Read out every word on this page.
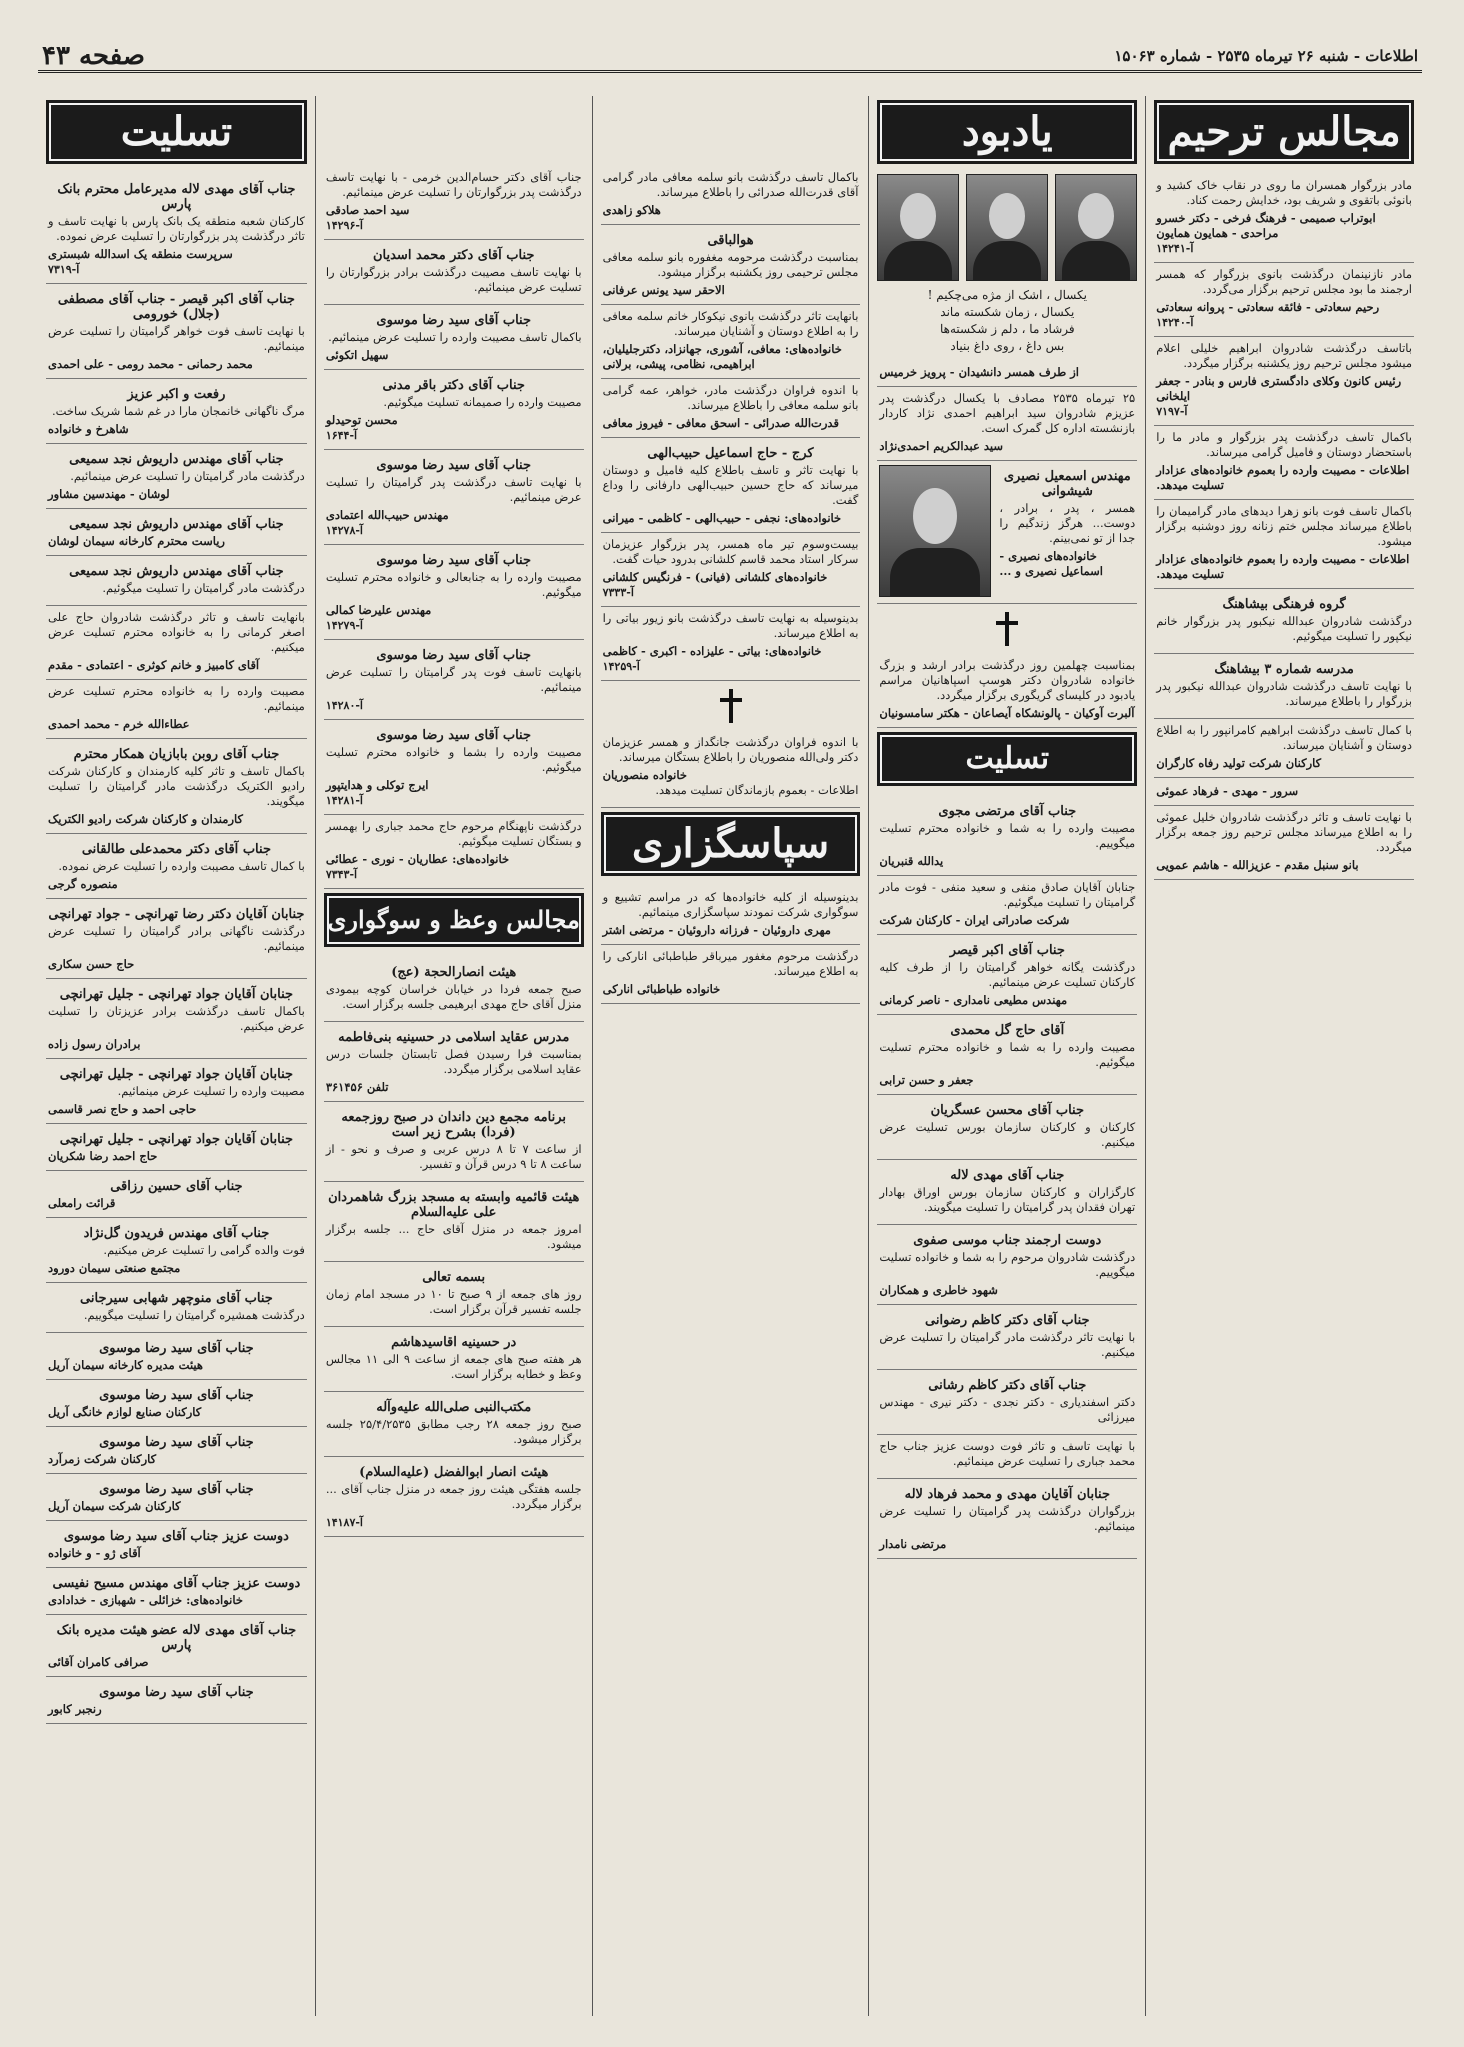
اطلاعات - شنبه ۲۶ تیرماه ۲۵۳۵ - شماره ۱۵۰۶۳
صفحه ۴۳
مجالس ترحیم

مادر بزرگوار همسران ما روی در نقاب خاک کشید و بانوئی باتقوی و شریف بود، خدایش رحمت کناد.

ابوتراب صمیمی - فرهنگ فرخی - دکتر خسرو مراحدی - همایون همایون
آ-۱۴۲۴۱

مادر نازنینمان درگذشت بانوی بزرگوار که همسر ارجمند ما بود مجلس ترحیم برگزار می‌گردد.

رحیم سعادتی - فائقه سعادتی - پروانه سعادتی
آ-۱۴۲۴۰

باتاسف درگذشت شادروان ابراهیم خلیلی اعلام میشود مجلس ترحیم روز یکشنبه برگزار میگردد.

رئیس کانون وکلای دادگستری فارس و بنادر - جعفر ایلخانی
آ-۷۱۹۷

باکمال تاسف درگذشت پدر بزرگوار و مادر ما را باستحضار دوستان و فامیل گرامی میرساند.

اطلاعات - مصیبت وارده را بعموم خانواده‌های عزادار تسلیت میدهد.

باکمال تاسف فوت بانو زهرا دیدهای مادر گرامیمان را باطلاع میرساند مجلس ختم زنانه روز دوشنبه برگزار میشود.

اطلاعات - مصیبت وارده را بعموم خانواده‌های عزادار تسلیت میدهد.
گروه فرهنگی بیشاهنگ

درگذشت شادروان عبدالله نیکبور پدر بزرگوار خانم نیکپور را تسلیت میگوئیم.

مدرسه شماره ۳ بیشاهنگ

با نهایت تاسف درگذشت شادروان عبدالله نیکبور پدر بزرگوار را باطلاع میرساند.

با کمال تاسف درگذشت ابراهیم کامرانپور را به اطلاع دوستان و آشنایان میرساند.

کارکنان شرکت تولید رفاه کارگران
سرور - مهدی - فرهاد عموئی

با نهایت تاسف و تاثر درگذشت شادروان خلیل عموئی را به اطلاع میرساند مجلس ترحیم روز جمعه برگزار میگردد.

بانو سنبل مقدم - عزیزالله - هاشم عمویی
یادبود
یکسال ، اشک از مژه می‌چکیم !
یکسال ، زمان شکسته ماند
فرشاد ما ، دلم ز شکسته‌ها
بس داغ ، روی داغ بنیاد
از طرف همسر دانشیدان - پرویز خرمیس

۲۵ تیرماه ۲۵۳۵ مصادف با یکسال درگذشت پدر عزیزم شادروان سید ابراهیم احمدی نژاد کاردار بازنشسته اداره کل گمرک است.

سید عبدالکریم احمدی‌نژاد
مهندس اسمعیل نصیری شیشوانی

همسر ، پدر ، برادر ، دوست... هرگز زندگیم را جدا از تو نمی‌بینم.

خانواده‌های نصیری - اسماعیل نصیری و ...

بمناسبت چهلمین روز درگذشت برادر ارشد و بزرگ خانواده شادروان دکتر هوسپ اسپاهانیان مراسم یادبود در کلیسای گریگوری برگزار میگردد.

آلبرت آوکیان - پالونشکاه آیصاعان - هکتر سامسونیان
تسلیت
جناب آقای مرتضی مجوی

مصیبت وارده را به شما و خانواده محترم تسلیت میگوییم.

یدالله قنبریان

جنابان آقایان صادق منفی و سعید منفی - فوت مادر گرامیتان را تسلیت میگوئیم.

شرکت صادراتی ایران - کارکنان شرکت
جناب آقای اکبر قیصر

درگذشت یگانه خواهر گرامیتان را از طرف کلیه کارکنان تسلیت عرض مینمائیم.

مهندس مطیعی نامداری - ناصر کرمانی
آقای حاج گل محمدی

مصیبت وارده را به شما و خانواده محترم تسلیت میگوئیم.

جعفر و حسن ترابی
جناب آقای محسن عسگریان

کارکنان و کارکنان سازمان بورس تسلیت عرض میکنیم.

جناب آقای مهدی لاله

کارگزاران و کارکنان سازمان بورس اوراق بهادار تهران فقدان پدر گرامیتان را تسلیت میگویند.

دوست ارجمند جناب موسی صفوی

درگذشت شادروان مرحوم را به شما و خانواده تسلیت میگوییم.

شهود خاطری و همکاران
جناب آقای دکتر کاظم رضوانی

با نهایت تاثر درگذشت مادر گرامیتان را تسلیت عرض میکنیم.

جناب آقای دکتر کاظم رشانی

دکتر اسفندیاری - دکتر نجدی - دکتر نیری - مهندس میرزائی

با نهایت تاسف و تاثر فوت دوست عزیز جناب حاج محمد جباری را تسلیت عرض مینمائیم.

جنابان آقایان مهدی و محمد فرهاد لاله

بزرگواران درگذشت پدر گرامیتان را تسلیت عرض مینمائیم.

مرتضی نامدار

باکمال تاسف درگذشت بانو سلمه معافی مادر گرامی آقای قدرت‌الله صدرائی را باطلاع میرساند.

هلاکو زاهدی
هوالباقی

بمناسبت درگذشت مرحومه مغفوره بانو سلمه معافی مجلس ترحیمی روز یکشنبه برگزار میشود.

الاحقر سید یونس عرفانی

بانهایت تاثر درگذشت بانوی نیکوکار خانم سلمه معافی را به اطلاع دوستان و آشنایان میرساند.

خانواده‌های: معافی، آشوری، جهانزاد، دکترجلیلیان، ابراهیمی، نظامی، پیشی، برلانی

با اندوه فراوان درگذشت مادر، خواهر، عمه گرامی بانو سلمه معافی را باطلاع میرساند.

قدرت‌الله صدرائی - اسحق معافی - فیروز معافی
کرج - حاج اسماعیل حبیب‌الهی

با نهایت تاثر و تاسف باطلاع کلیه فامیل و دوستان میرساند که حاج حسین حبیب‌الهی دارفانی را وداع گفت.

خانواده‌های: نجفی - حبیب‌الهی - کاظمی - میرانی

بیست‌وسوم تیر ماه همسر، پدر بزرگوار عزیزمان سرکار استاد محمد قاسم کلشانی بدرود حیات گفت.

خانواده‌های کلشانی (فیانی) - فرنگیس کلشانی
آ-۷۳۳۳

بدینوسیله به نهایت تاسف درگذشت بانو زیور بیاتی را به اطلاع میرساند.

خانواده‌های: بیاتی - علیزاده - اکبری - کاظمی
آ-۱۴۲۵۹

با اندوه فراوان درگذشت جانگداز و همسر عزیزمان دکتر ولی‌الله منصوریان را باطلاع بستگان میرساند.

خانواده منصوریان

اطلاعات - بعموم بازماندگان تسلیت میدهد.

سپاسگزاری

بدینوسیله از کلیه خانواده‌ها که در مراسم تشییع و سوگواری شرکت نمودند سپاسگزاری مینمائیم.

مهری داروئیان - فرزانه داروئیان - مرتضی اشتر

درگذشت مرحوم مغفور میرباقر طباطبائی انارکی را به اطلاع میرساند.

خانواده طباطبائی انارکی

جناب آقای دکتر حسام‌الدین خرمی - با نهایت تاسف درگذشت پدر بزرگوارتان را تسلیت عرض مینمائیم.

سید احمد صادقی
آ-۱۴۲۹۶
جناب آقای دکتر محمد اسدیان

با نهایت تاسف مصیبت درگذشت برادر بزرگوارتان را تسلیت عرض مینمائیم.

جناب آقای سید رضا موسوی

باکمال تاسف مصیبت وارده را تسلیت عرض مینمائیم.

سهیل اتکوئی
جناب آقای دکتر باقر مدنی

مصیبت وارده را صمیمانه تسلیت میگوئیم.

محسن توحیدلو
آ-۱۶۴۴
جناب آقای سید رضا موسوی

با نهایت تاسف درگذشت پدر گرامیتان را تسلیت عرض مینمائیم.

مهندس حبیب‌الله اعتمادی
آ-۱۴۲۷۸
جناب آقای سید رضا موسوی

مصیبت وارده را به جنابعالی و خانواده محترم تسلیت میگوئیم.

مهندس علیرضا کمالی
آ-۱۴۲۷۹
جناب آقای سید رضا موسوی

بانهایت تاسف فوت پدر گرامیتان را تسلیت عرض مینمائیم.

آ-۱۴۲۸۰
جناب آقای سید رضا موسوی

مصیبت وارده را بشما و خانواده محترم تسلیت میگوئیم.

ایرج توکلی و هدایتپور
آ-۱۴۲۸۱

درگذشت ناپهنگام مرحوم حاج محمد جباری را بهمسر و بستگان تسلیت میگوئیم.

خانواده‌های: عطاریان - نوری - عطائی
آ-۷۳۴۳
مجالس وعظ و سوگواری
هیئت انصارالحجة (عج)

صبح جمعه فردا در خیابان خراسان کوچه بیمودی منزل آقای حاج مهدی ابرهیمی جلسه برگزار است.

مدرس عقاید اسلامی در حسینیه بنی‌فاطمه

بمناسبت فرا رسیدن فصل تابستان جلسات درس عقاید اسلامی برگزار میگردد.

تلفن ۳۶۱۴۵۶
برنامه مجمع دین داندان در صبح روزجمعه (فردا) بشرح زیر است

از ساعت ۷ تا ۸ درس عربی و صرف و نحو - از ساعت ۸ تا ۹ درس قرآن و تفسیر.

هیئت قائمیه وابسته به مسجد بزرگ شاهمردان علی علیه‌السلام

امروز جمعه در منزل آقای حاج ... جلسه برگزار میشود.

بسمه تعالی

روز های جمعه از ۹ صبح تا ۱۰ در مسجد امام زمان جلسه تفسیر قرآن برگزار است.

در حسینیه اقاسیدهاشم

هر هفته صبح های جمعه از ساعت ۹ الی ۱۱ مجالس وعظ و خطابه برگزار است.

مکتب‌النبی صلی‌الله علیه‌وآله

صبح روز جمعه ۲۸ رجب مطابق ۲۵/۴/۲۵۳۵ جلسه برگزار میشود.

هیئت انصار ابوالفضل (علیه‌السلام)

جلسه هفتگی هیئت روز جمعه در منزل جناب آقای ... برگزار میگردد.

آ-۱۴۱۸۷
تسلیت
جناب آقای مهدی لاله مدیرعامل محترم بانک پارس

کارکنان شعبه منطقه یک بانک پارس با نهایت تاسف و تاثر درگذشت پدر بزرگوارتان را تسلیت عرض نموده.

سرپرست منطقه یک اسدالله شبستری
آ-۷۳۱۹
جناب آقای اکبر قیصر - جناب آقای مصطفی (جلال) خورومی

با نهایت تاسف فوت خواهر گرامیتان را تسلیت عرض مینمائیم.

محمد رحمانی - محمد رومی - علی احمدی
رفعت و اکبر عزیز

مرگ ناگهانی خانمجان مارا در غم شما شریک ساخت.

شاهرخ و خانواده
جناب آقای مهندس داریوش نجد سمیعی

درگذشت مادر گرامیتان را تسلیت عرض مینمائیم.

لوشان - مهندسین مشاور
جناب آقای مهندس داریوش نجد سمیعی
ریاست محترم کارخانه سیمان لوشان
جناب آقای مهندس داریوش نجد سمیعی

درگذشت مادر گرامیتان را تسلیت میگوئیم.

بانهایت تاسف و تاثر درگذشت شادروان حاج علی اصغر کرمانی را به خانواده محترم تسلیت عرض میکنیم.

آقای کامبیز و خانم کوثری - اعتمادی - مقدم

مصیبت وارده را به خانواده محترم تسلیت عرض مینمائیم.

عطاءالله خرم - محمد احمدی
جناب آقای روبن بابازیان همکار محترم

باکمال تاسف و تاثر کلیه کارمندان و کارکنان شرکت رادیو الکتریک درگذشت مادر گرامیتان را تسلیت میگویند.

کارمندان و کارکنان شرکت رادیو الکتریک
جناب آقای دکتر محمدعلی طالقانی

با کمال تاسف مصیبت وارده را تسلیت عرض نموده.

منصوره گرجی
جنابان آقایان دکتر رضا تهرانچی - جواد تهرانچی

درگذشت ناگهانی برادر گرامیتان را تسلیت عرض مینمائیم.

حاج حسن سکاری
جنابان آقایان جواد تهرانچی - جلیل تهرانچی

باکمال تاسف درگذشت برادر عزیزتان را تسلیت عرض میکنیم.

برادران رسول زاده
جنابان آقایان جواد تهرانچی - جلیل تهرانچی

مصیبت وارده را تسلیت عرض مینمائیم.

حاجی احمد و حاج نصر قاسمی
جنابان آقایان جواد تهرانچی - جلیل تهرانچی
حاج احمد رضا شکریان
جناب آقای حسین رزاقی
قرائت رامعلی
جناب آقای مهندس فریدون گل‌نژاد

فوت والده گرامی را تسلیت عرض میکنیم.

مجتمع صنعتی سیمان دورود
جناب آقای منوچهر شهابی سیرجانی

درگذشت همشیره گرامیتان را تسلیت میگوییم.

جناب آقای سید رضا موسوی
هیئت مدیره کارخانه سیمان آریل
جناب آقای سید رضا موسوی
کارکنان صنایع لوازم خانگی آریل
جناب آقای سید رضا موسوی
کارکنان شرکت زمرآرد
جناب آقای سید رضا موسوی
کارکنان شرکت سیمان آریل
دوست عزیز جناب آقای سید رضا موسوی
آقای ژو - و خانواده
دوست عزیز جناب آقای مهندس مسیح نفیسی
خانواده‌های: خزائلی - شهبازی - خدادادی
جناب آقای مهدی لاله عضو هیئت مدیره بانک پارس
صرافی کامران آقائی
جناب آقای سید رضا موسوی
رنجبر کابور
